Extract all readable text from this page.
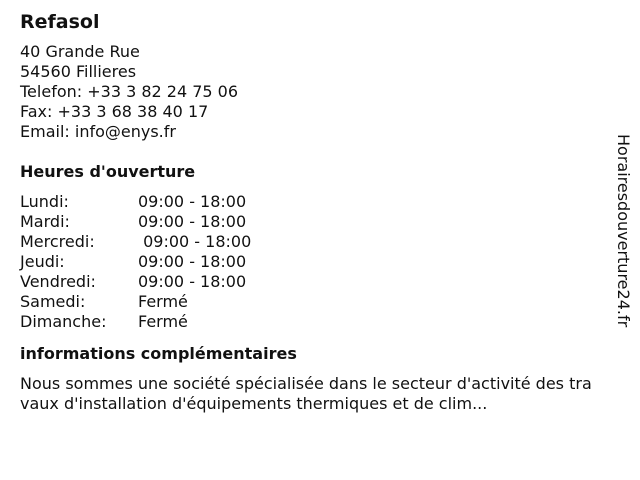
Refasol
40 Grande Rue
54560 Fillieres
Telefon: +33 3 82 24 75 06
Fax: +33 3 68 38 40 17
Email: info@enys.fr
Heures d'ouverture
Lundi:	09:00 - 18:00
Mardi:	09:00 - 18:00
Mercredi:	09:00 - 18:00
Jeudi:	09:00 - 18:00
Vendredi:	09:00 - 18:00
Samedi:	Fermé
Dimanche:	Fermé
informations complémentaires
Nous sommes une société spécialisée dans le secteur d'activité des travaux d'installation d'équipements thermiques et de clim...
Horairesdouverture24.fr
